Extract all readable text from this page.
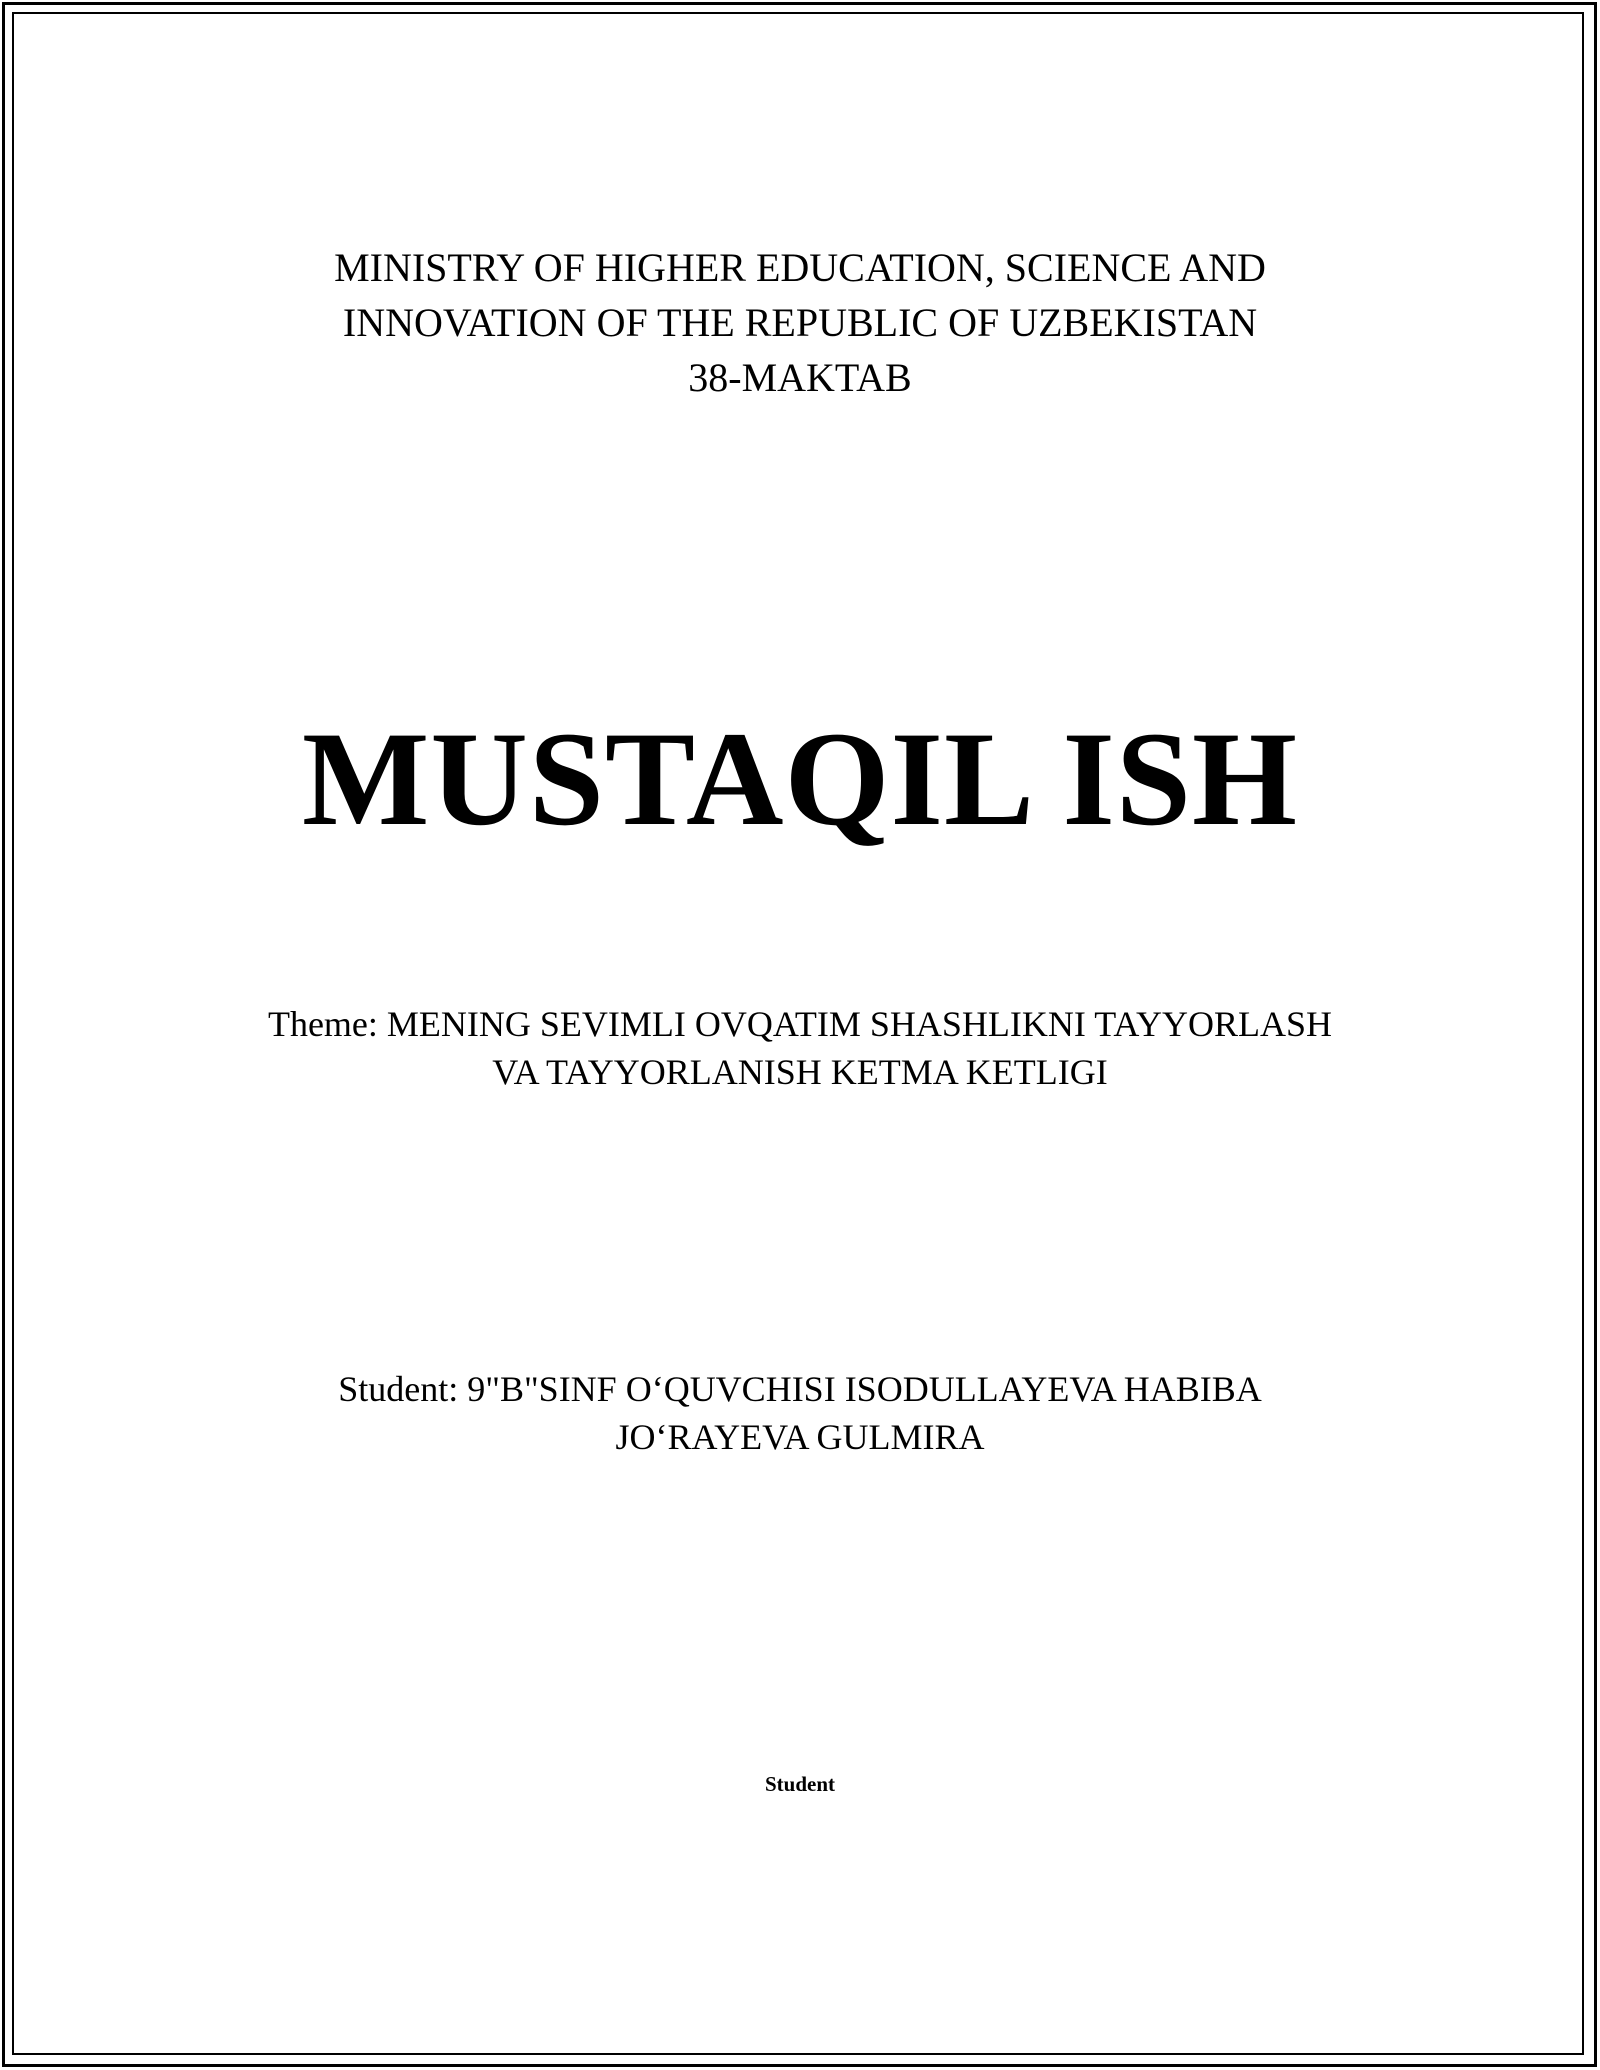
MINISTRY OF HIGHER EDUCATION, SCIENCE AND
INNOVATION OF THE REPUBLIC OF UZBEKISTAN
38-MAKTAB
MUSTAQIL ISH
Theme: MENING SEVIMLI OVQATIM SHASHLIKNI TAYYORLASH
VA TAYYORLANISH KETMA KETLIGI
Student: 9"B"SINF O‘QUVCHISI ISODULLAYEVA HABIBA
JO‘RAYEVA GULMIRA
Student
